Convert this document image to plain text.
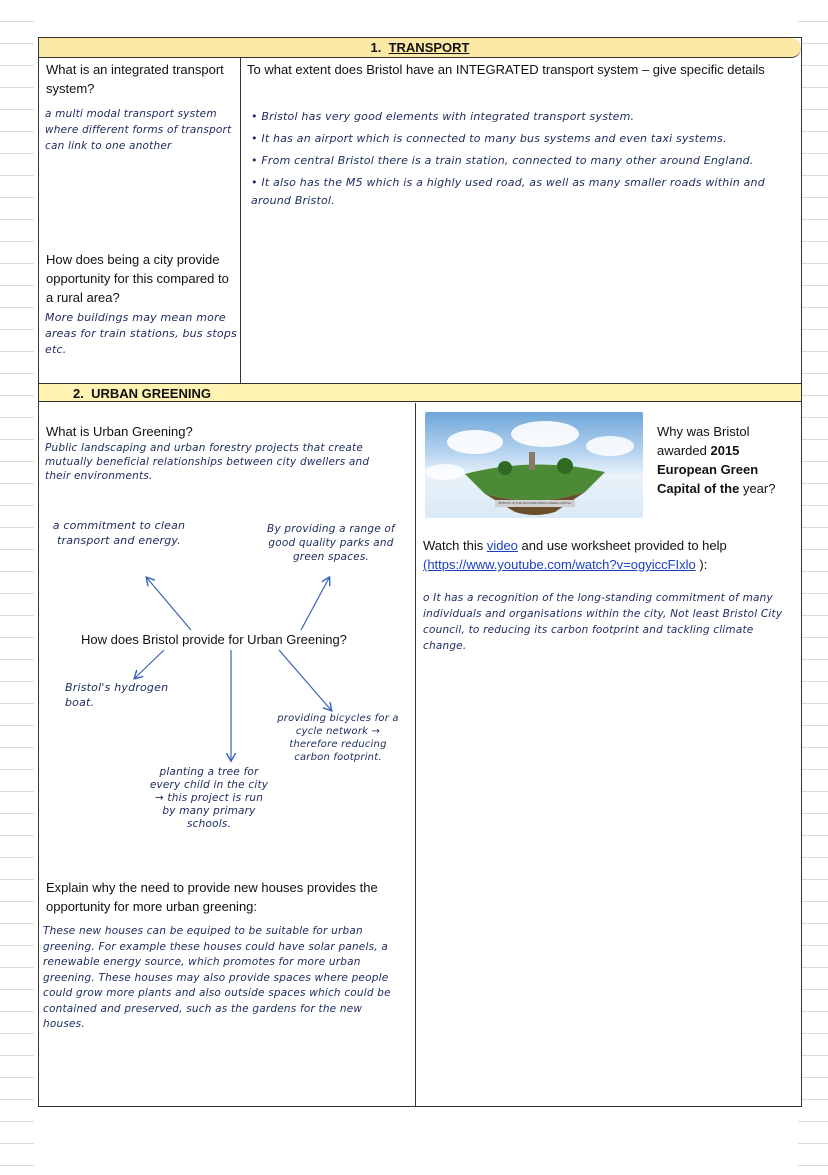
1. TRANSPORT
What is an integrated transport system?
a multi modal transport system where different forms of transport can link to one another
To what extent does Bristol have an INTEGRATED transport system – give specific details

• Bristol has very good elements with integrated transport system.

• It has an airport which is connected to many bus systems and even taxi systems.

• From central Bristol there is a train station, connected to many other around England.

• It also has the M5 which is a highly used road, as well as many smaller roads within and around Bristol.

How does being a city provide opportunity for this compared to a rural area?
More buildings may mean more areas for train stations, bus stops etc.
2. URBAN GREENING
What is Urban Greening?
Public landscaping and urban forestry projects that create mutually beneficial relationships between city dwellers and their environments.
a commitment to clean transport and energy.
By providing a range of good quality parks and green spaces.
How does Bristol provide for Urban Greening?
Bristol's hydrogen boat.
providing bicycles for a cycle network → therefore reducing carbon footprint.
planting a tree for every child in the city → this project is run by many primary schools.
Explain why the need to provide new houses provides the opportunity for more urban greening:
These new houses can be equiped to be suitable for urban greening. For example these houses could have solar panels, a renewable energy source, which promotes for more urban greening. These houses may also provide spaces where people could grow more plants and also outside spaces which could be contained and preserved, such as the gardens for the new houses.
BRISTOL IS THE 2015 EUROPEAN GREEN CAPITAL
Why was Bristol awarded 2015 European Green Capital of the year?
Watch this video and use worksheet provided to help
(https://www.youtube.com/watch?v=ogyiccFIxlo ):
o It has a recognition of the long-standing commitment of many individuals and organisations within the city, Not least Bristol City council, to reducing its carbon footprint and tackling climate change.
